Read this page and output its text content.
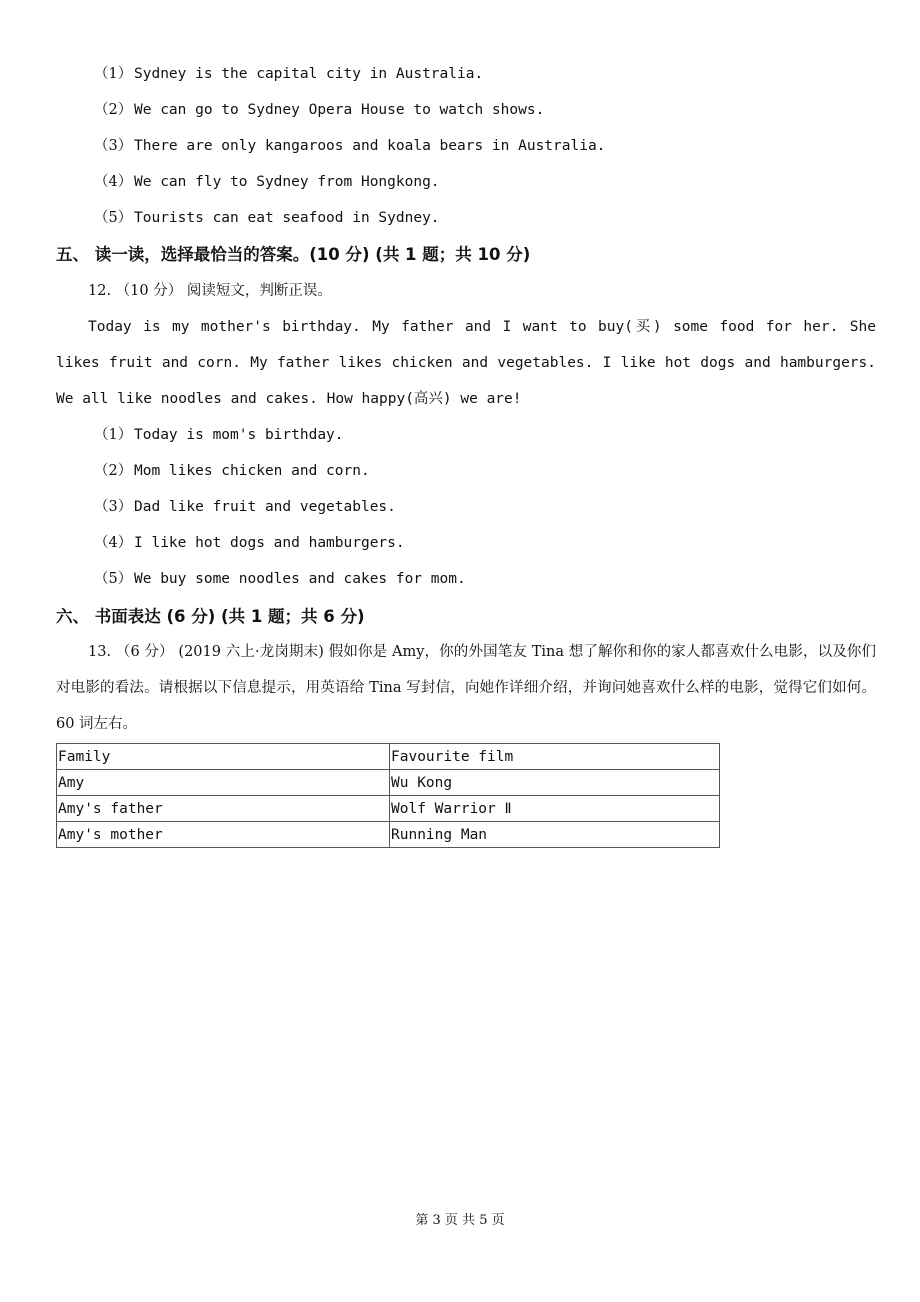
（1） Sydney is the capital city in Australia.
（2） We can go to Sydney Opera House to watch shows.
（3） There are only kangaroos and koala bears in Australia.
（4） We can fly to Sydney from Hongkong.
（5） Tourists can eat seafood in Sydney.
五、 读一读，选择最恰当的答案。(10 分) (共 1 题；共 10 分)
12. （10 分） 阅读短文，判断正误。
Today is my mother's birthday. My father and I want to buy(买) some food for her. She likes fruit and corn. My father likes chicken and vegetables. I like hot dogs and hamburgers. We all like noodles and cakes. How happy(高兴) we are!
（1） Today is mom's birthday.
（2） Mom likes chicken and corn.
（3） Dad like fruit and vegetables.
（4） I like hot dogs and hamburgers.
（5） We buy some noodles and cakes for mom.
六、 书面表达 (6 分) (共 1 题；共 6 分)
13. （6 分） (2019 六上·龙岗期末) 假如你是 Amy，你的外国笔友 Tina 想了解你和你的家人都喜欢什么电影，以及你们对电影的看法。请根据以下信息提示，用英语给 Tina 写封信，向她作详细介绍，并询问她喜欢什么样的电影，觉得它们如何。60 词左右。
Family	Favourite film
Amy	Wu Kong
Amy's father	Wolf Warrior Ⅱ
Amy's mother	Running Man
第 3 页 共 5 页
